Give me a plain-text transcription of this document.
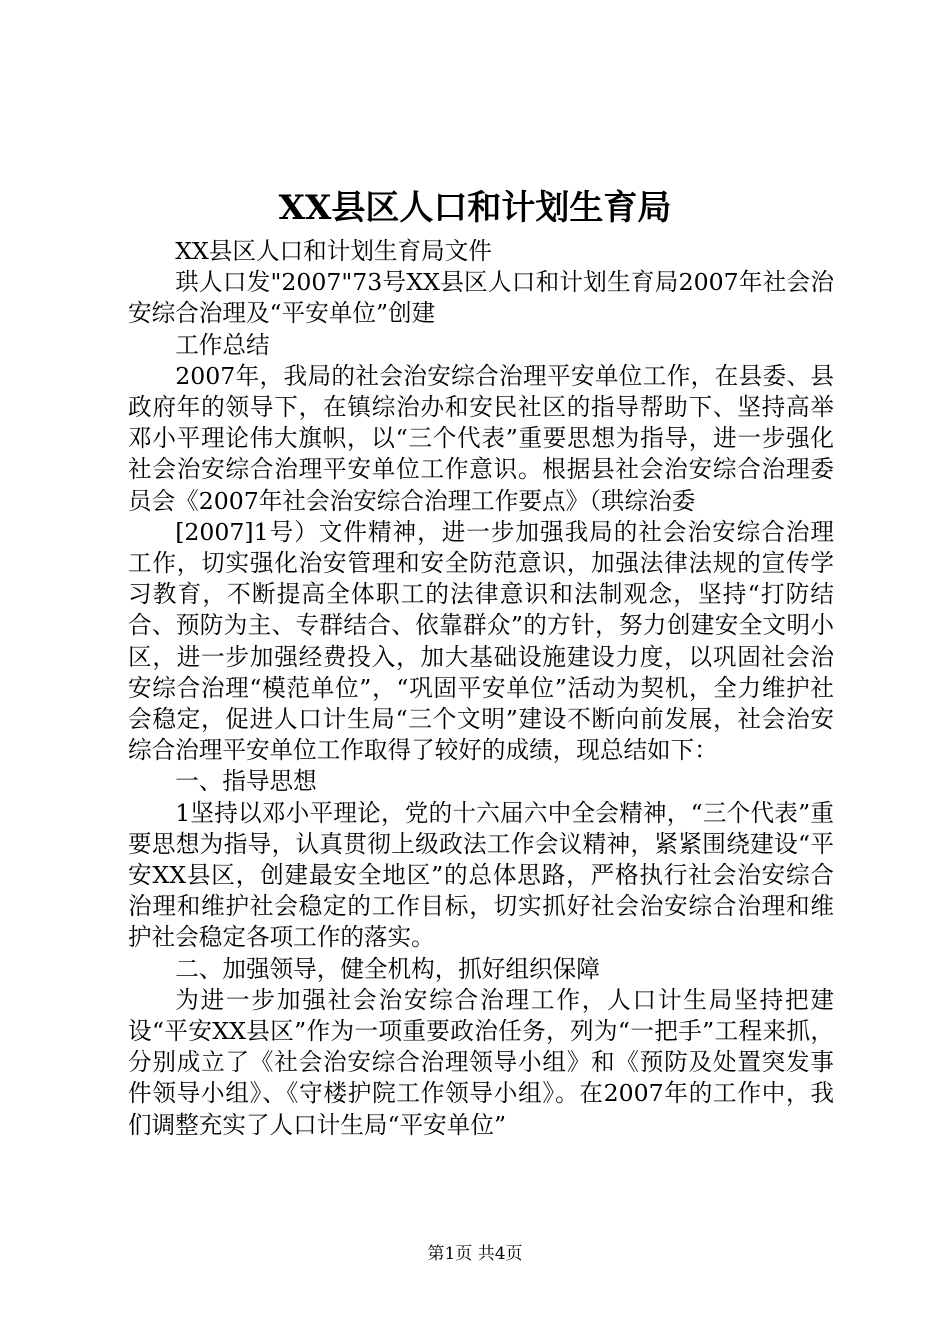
XX县区人口和计划生育局

XX县区人口和计划生育局文件

珙人口发"2007"73号XX县区人口和计划生育局2007年社会治安综合治理及“平安单位”创建

工作总结

2007年，我局的社会治安综合治理平安单位工作，在县委、县政府年的领导下，在镇综治办和安民社区的指导帮助下、坚持高举邓小平理论伟大旗帜，以“三个代表”重要思想为指导，进一步强化社会治安综合治理平安单位工作意识。根据县社会治安综合治理委员会《2007年社会治安综合治理工作要点》（珙综治委

[2007]1号）文件精神，进一步加强我局的社会治安综合治理工作，切实强化治安管理和安全防范意识，加强法律法规的宣传学习教育，不断提高全体职工的法律意识和法制观念，坚持“打防结合、预防为主、专群结合、依靠群众”的方针，努力创建安全文明小区，进一步加强经费投入，加大基础设施建设力度，以巩固社会治安综合治理“模范单位”，“巩固平安单位”活动为契机，全力维护社会稳定，促进人口计生局“三个文明”建设不断向前发展，社会治安综合治理平安单位工作取得了较好的成绩，现总结如下：

一、指导思想

1坚持以邓小平理论，党的十六届六中全会精神，“三个代表”重要思想为指导，认真贯彻上级政法工作会议精神，紧紧围绕建设“平安XX县区，创建最安全地区”的总体思路，严格执行社会治安综合治理和维护社会稳定的工作目标，切实抓好社会治安综合治理和维护社会稳定各项工作的落实。

二、加强领导，健全机构，抓好组织保障

为进一步加强社会治安综合治理工作，人口计生局坚持把建设“平安XX县区”作为一项重要政治任务，列为“一把手”工程来抓，分别成立了《社会治安综合治理领导小组》和《预防及处置突发事件领导小组》、《守楼护院工作领导小组》。在2007年的工作中，我们调整充实了人口计生局“平安单位”

第1页 共4页
